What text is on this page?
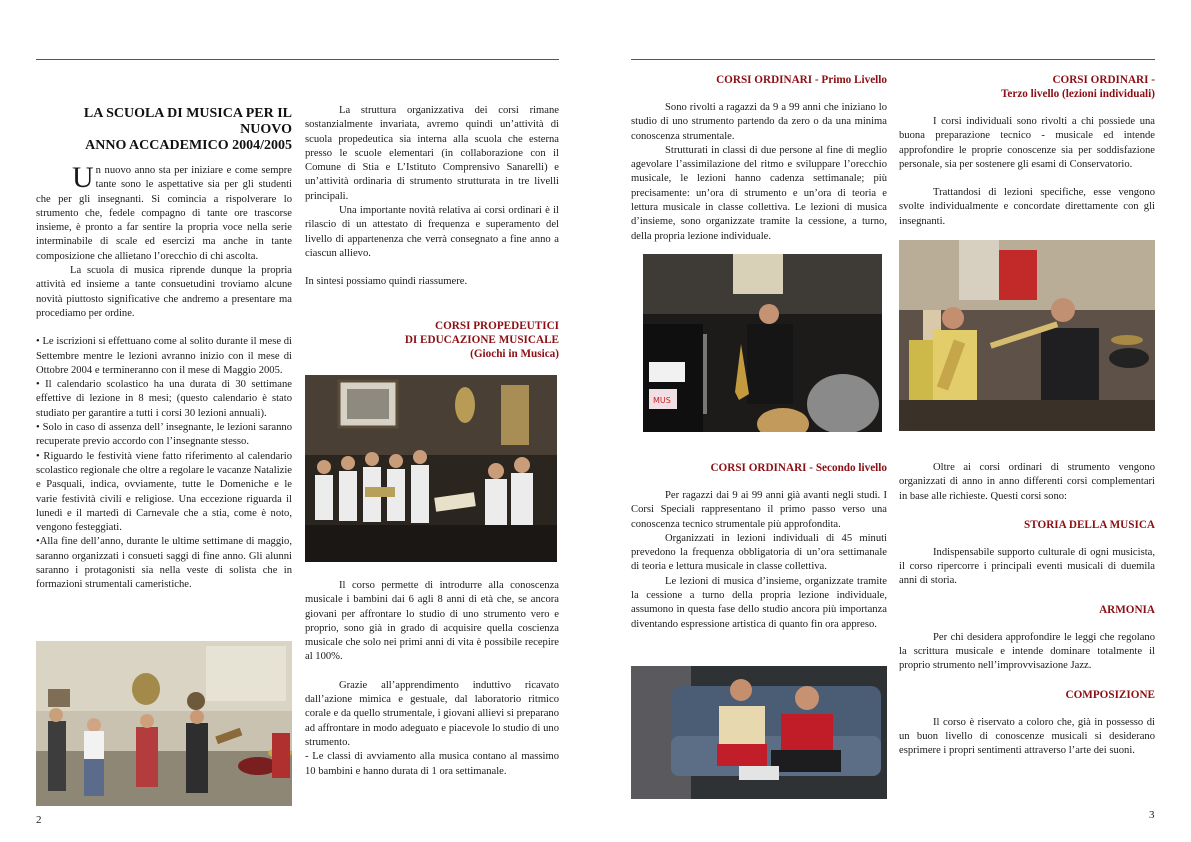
LA SCUOLA DI MUSICA PER IL NUOVO
ANNO ACCADEMICO 2004/2005

Un nuovo anno sta per iniziare e come sempre tante sono le aspettative sia per gli studenti che per gli insegnanti. Si comincia a rispolverare lo strumento che, fedele compagno di tante ore trascorse insieme, è pronto a far sentire la propria voce nella serie interminabile di scale ed esercizi ma anche in tante composizione che allietano l’orecchio di chi ascolta.

La scuola di musica riprende dunque la propria attività ed insieme a tante consuetudini troviamo alcune novità piuttosto significative che andremo a presentare ma procediamo per ordine.

• Le iscrizioni si effettuano come al solito durante il mese di Settembre mentre le lezioni avranno inizio con il mese di Ottobre 2004 e termineranno con il mese di Maggio 2005.

• Il calendario scolastico ha una durata di 30 settimane effettive di lezione in 8 mesi; (questo calendario è stato studiato per garantire a tutti i corsi 30 lezioni annuali).

• Solo in caso di assenza dell’ insegnante, le lezioni saranno recuperate previo accordo con l’insegnante stesso.

• Riguardo le festività viene fatto riferimento al calendario scolastico regionale che oltre a regolare le vacanze Natalizie e Pasquali, indica, ovviamente, tutte le Domeniche e le varie festività civili e religiose. Una eccezione riguarda il lunedì e il martedì di Carnevale che a stia, come è noto, vengono festeggiati.

•Alla fine dell’anno, durante le ultime settimane di maggio, saranno organizzati i consueti saggi di fine anno. Gli alunni saranno i protagonisti sia nella veste di solista che in formazioni strumentali cameristiche.

La struttura organizzativa dei corsi rimane sostanzialmente invariata, avremo quindi un’attività di scuola propedeutica sia interna alla scuola che esterna presso le scuole elementari (in collaborazione con il Comune di Stia e L’Istituto Comprensivo Sanarelli) e un’attività ordinaria di strumento strutturata in tre livelli principali.

Una importante novità relativa ai corsi ordinari è il rilascio di un attestato di frequenza e superamento del livello di appartenenza che verrà consegnato a fine anno a ciascun allievo.

In sintesi possiamo quindi riassumere.

CORSI PROPEDEUTICI
DI EDUCAZIONE MUSICALE
(Giochi in Musica)

Il corso permette di introdurre alla conoscenza musicale i bambini dai 6 agli 8 anni di età che, se ancora giovani per affrontare lo studio di uno strumento vero e proprio, sono già in grado di acquisire quella coscienza musicale che solo nei primi anni di vita è possibile recepire al 100%.

Grazie all’apprendimento induttivo ricavato dall’azione mimica e gestuale, dal laboratorio ritmico corale e da quello strumentale, i giovani allievi si preparano ad affrontare in modo adeguato e piacevole lo studio di uno strumento.

- Le classi di avviamento alla musica contano al massimo 10 bambini e hanno durata di 1 ora settimanale.

2
CORSI ORDINARI - Primo Livello

Sono rivolti a ragazzi da 9 a 99 anni che iniziano lo studio di uno strumento partendo da zero o da una minima conoscenza strumentale.

Strutturati in classi di due persone al fine di meglio agevolare l’assimilazione del ritmo e sviluppare l’orecchio musicale, le lezioni hanno cadenza settimanale; più precisamente: un’ora di strumento e un’ora di teoria e lettura musicale in classe collettiva. Le lezioni di musica d’insieme, sono organizzate tramite la cessione, a turno, della propria lezione individuale.

MUS
CORSI ORDINARI - Secondo livello

Per ragazzi dai 9 ai 99 anni già avanti negli studi. I Corsi Speciali rappresentano il primo passo verso una conoscenza tecnico strumentale più approfondita.

Organizzati in lezioni individuali di 45 minuti prevedono la frequenza obbligatoria di un’ora settimanale di teoria e lettura musicale in classe collettiva.

Le lezioni di musica d’insieme, organizzate tramite la cessione a turno della propria lezione individuale, assumono in questa fase dello studio ancora più importanza diventando espressione artistica di quanto fin ora appreso.

CORSI ORDINARI -
Terzo livello (lezioni individuali)

I corsi individuali sono rivolti a chi possiede una buona preparazione tecnico - musicale ed intende approfondire le proprie conoscenze sia per soddisfazione personale, sia per sostenere gli esami di Conservatorio.

Trattandosi di lezioni specifiche, esse vengono svolte individualmente e concordate direttamente con gli insegnanti.

Oltre ai corsi ordinari di strumento vengono organizzati di anno in anno differenti corsi complementari in base alle richieste. Questi corsi sono:

STORIA DELLA MUSICA

Indispensabile supporto culturale di ogni musicista, il corso ripercorre i principali eventi musicali di duemila anni di storia.

ARMONIA

Per chi desidera approfondire le leggi che regolano la scrittura musicale e intende dominare totalmente il proprio strumento nell’improvvisazione Jazz.

COMPOSIZIONE

Il corso è riservato a coloro che, già in possesso di un buon livello di conoscenze musicali si desiderano esprimere i propri sentimenti attraverso l’arte dei suoni.

3
